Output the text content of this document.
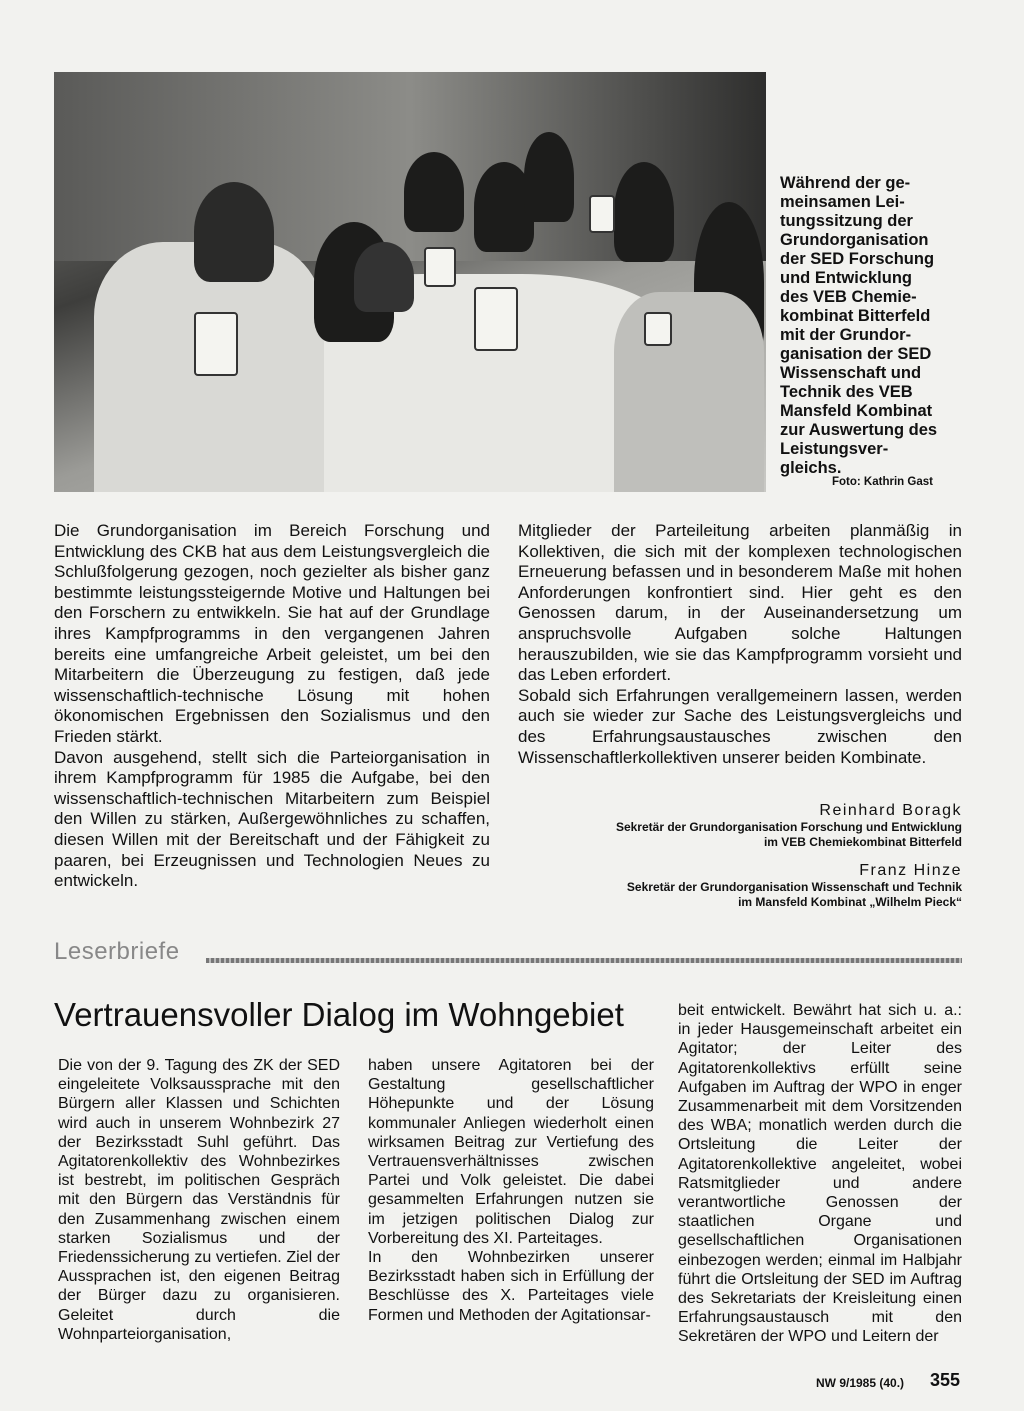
Während der ge-
meinsamen Lei-
tungssitzung der
Grundorganisation
der SED Forschung
und Entwicklung
des VEB Chemie-
kombinat Bitterfeld
mit der Grundor-
ganisation der SED
Wissenschaft und
Technik des VEB
Mansfeld Kombinat
zur Auswertung des
Leistungsver-
gleichs.
Foto: Kathrin Gast

Die Grundorganisation im Bereich Forschung und Entwicklung des CKB hat aus dem Leistungsvergleich die Schlußfolgerung gezogen, noch gezielter als bisher ganz bestimmte leistungssteigernde Motive und Haltungen bei den Forschern zu entwikkeln. Sie hat auf der Grundlage ihres Kampfprogramms in den vergangenen Jahren bereits eine umfangreiche Arbeit geleistet, um bei den Mitarbeitern die Überzeugung zu festigen, daß jede wissenschaftlich-technische Lösung mit hohen ökonomischen Ergebnissen den Sozialismus und den Frieden stärkt.

Davon ausgehend, stellt sich die Parteiorganisation in ihrem Kampfprogramm für 1985 die Aufgabe, bei den wissenschaftlich-technischen Mitarbeitern zum Beispiel den Willen zu stärken, Außergewöhnliches zu schaffen, diesen Willen mit der Bereitschaft und der Fähigkeit zu paaren, bei Erzeugnissen und Technologien Neues zu entwickeln.

Mitglieder der Parteileitung arbeiten planmäßig in Kollektiven, die sich mit der komplexen technologischen Erneuerung befassen und in besonderem Maße mit hohen Anforderungen konfrontiert sind. Hier geht es den Genossen darum, in der Auseinandersetzung um anspruchsvolle Aufgaben solche Haltungen herauszubilden, wie sie das Kampfprogramm vorsieht und das Leben erfordert.

Sobald sich Erfahrungen verallgemeinern lassen, werden auch sie wieder zur Sache des Leistungsvergleichs und des Erfahrungsaustausches zwischen den Wissenschaftlerkollektiven unserer beiden Kombinate.

Reinhard Boragk
Sekretär der Grundorganisation Forschung und Entwicklung
im VEB Chemiekombinat Bitterfeld
Franz Hinze
Sekretär der Grundorganisation Wissenschaft und Technik
im Mansfeld Kombinat „Wilhelm Pieck“
Leserbriefe
Vertrauensvoller Dialog im Wohngebiet

Die von der 9. Tagung des ZK der SED eingeleitete Volksaussprache mit den Bürgern aller Klassen und Schichten wird auch in unserem Wohnbezirk 27 der Bezirksstadt Suhl geführt. Das Agitatorenkollektiv des Wohnbezirkes ist bestrebt, im politischen Gespräch mit den Bürgern das Verständnis für den Zusammenhang zwischen einem starken Sozialismus und der Friedenssicherung zu vertiefen. Ziel der Aussprachen ist, den eigenen Beitrag der Bürger dazu zu organisieren. Geleitet durch die Wohnparteiorganisation,

haben unsere Agitatoren bei der Gestaltung gesellschaftlicher Höhepunkte und der Lösung kommunaler Anliegen wiederholt einen wirksamen Beitrag zur Vertiefung des Vertrauensverhältnisses zwischen Partei und Volk geleistet. Die dabei gesammelten Erfahrungen nutzen sie im jetzigen politischen Dialog zur Vorbereitung des XI. Parteitages.

In den Wohnbezirken unserer Bezirksstadt haben sich in Erfüllung der Beschlüsse des X. Parteitages viele Formen und Methoden der Agitationsar-

beit entwickelt. Bewährt hat sich u. a.: in jeder Hausgemeinschaft arbeitet ein Agitator; der Leiter des Agitatorenkollektivs erfüllt seine Aufgaben im Auftrag der WPO in enger Zusammenarbeit mit dem Vorsitzenden des WBA; monatlich werden durch die Ortsleitung die Leiter der Agitatorenkollektive angeleitet, wobei Ratsmitglieder und andere verantwortliche Genossen der staatlichen Organe und gesellschaftlichen Organisationen einbezogen werden; einmal im Halbjahr führt die Ortsleitung der SED im Auftrag des Sekretariats der Kreisleitung einen Erfahrungsaustausch mit den Sekretären der WPO und Leitern der

NW 9/1985 (40.) 355
